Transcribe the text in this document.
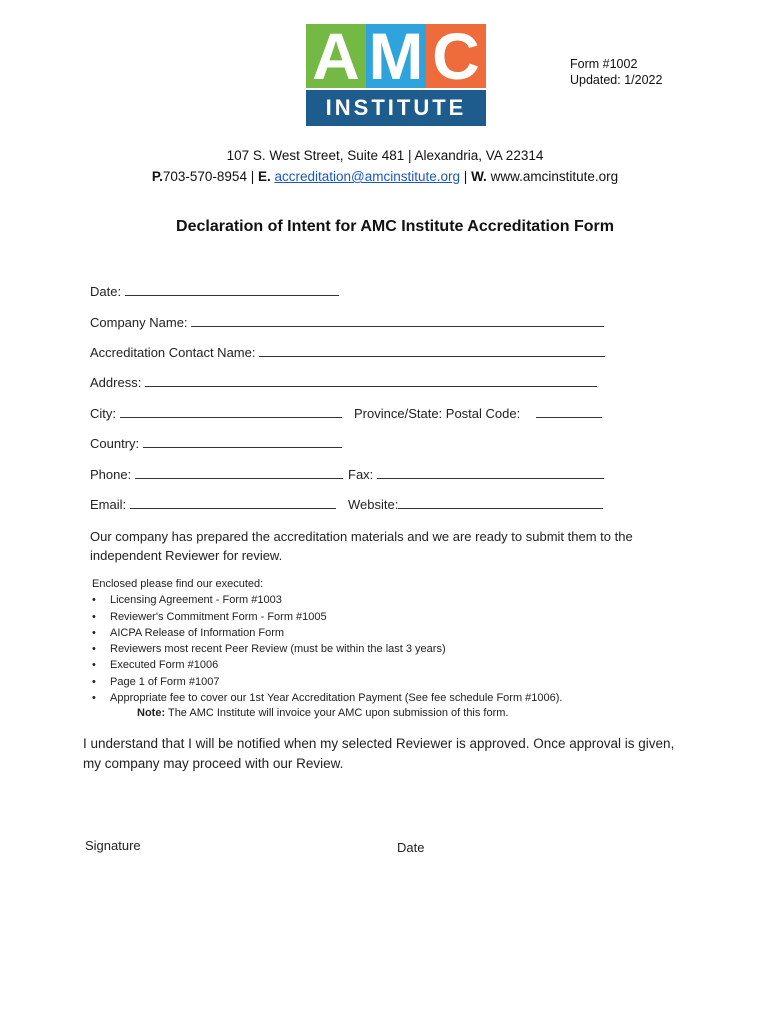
A M C
INSTITUTE
Form #1002
Updated: 1/2022
107 S. West Street, Suite 481 | Alexandria, VA 22314
P.703-570-8954 | E. accreditation@amcinstitute.org | W. www.amcinstitute.org
Declaration of Intent for AMC Institute Accreditation Form
Date:
Company Name:
Accreditation Contact Name:
Address:
City:	Province/State: Postal Code:
Country:
Phone:	Fax:
Email:	Website:
Our company has prepared the accreditation materials and we are ready to submit them to the independent Reviewer for review.
Enclosed please find our executed:
• Licensing Agreement - Form #1003
• Reviewer's Commitment Form - Form #1005
• AICPA Release of Information Form
• Reviewers most recent Peer Review (must be within the last 3 years)
• Executed Form #1006
• Page 1 of Form #1007
• Appropriate fee to cover our 1st Year Accreditation Payment (See fee schedule Form #1006).
Note: The AMC Institute will invoice your AMC upon submission of this form.
I understand that I will be notified when my selected Reviewer is approved. Once approval is given, my company may proceed with our Review.
Signature	Date
